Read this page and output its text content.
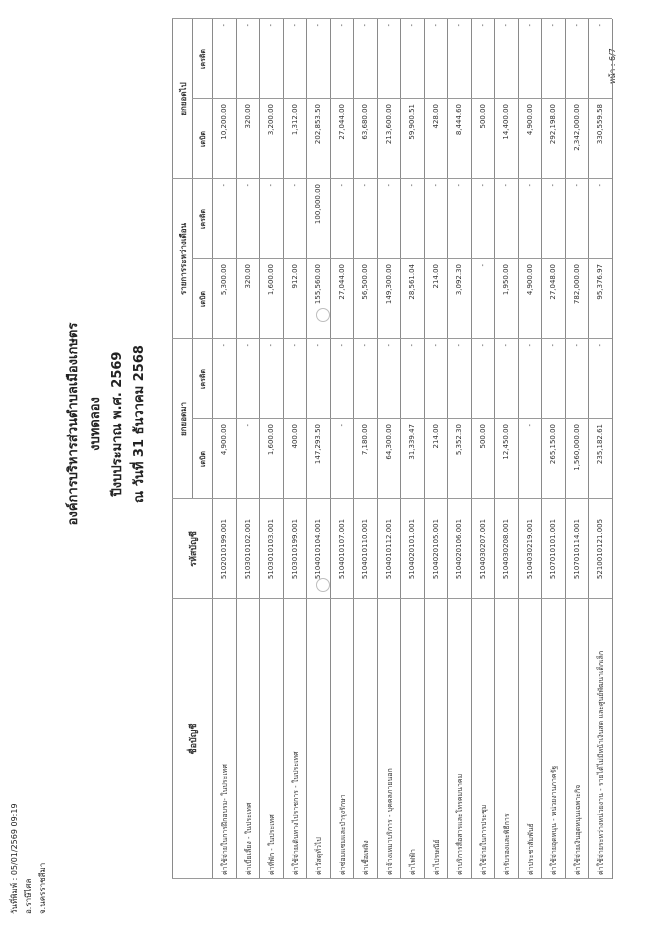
วันที่พิมพ์ : 05/01/2569 09:19 อ.ราษีไศล จ.นครราชสีมา
หน้า : 6/7
องค์การบริหารส่วนตำบลเมืองเกษตร งบทดลอง ปีงบประมาณ พ.ศ. 2569 ณ วันที่ 31 ธันวาคม 2568
ชื่อบัญชี
รหัสบัญชี
ยกยอดมา
รายการระหว่างเดือน
ยกยอดไป
เดบิต
เครดิต
เดบิต
เครดิต
เดบิต
เครดิต
ค่าใช้จ่ายในการฝึกอบรม- ในประเทศ
5102010199.001
4,900.00
-
5,300.00
-
10,200.00
-
ค่าเบี้ยเลี้ยง - ในประเทศ
5103010102.001
-
-
320.00
-
320.00
-
ค่าที่พัก - ในประเทศ
5103010103.001
1,600.00
-
1,600.00
-
3,200.00
-
ค่าใช้จ่ายเดินทางไปราชการ - ในประเทศ
5103010199.001
400.00
-
912.00
-
1,312.00
-
ค่าวัสดุทั่วไป
5104010104.001
147,293.50
-
155,560.00
100,000.00
202,853.50
-
ค่าซ่อมแซมและบำรุงรักษา
5104010107.001
-
-
27,044.00
-
27,044.00
-
ค่าเชื้อเพลิง
5104010110.001
7,180.00
-
56,500.00
-
63,680.00
-
ค่าจ้างเหมาบริการ - บุคคลภายนอก
5104010112.001
64,300.00
-
149,300.00
-
213,600.00
-
ค่าไฟฟ้า
5104020101.001
31,339.47
-
28,561.04
-
59,900.51
-
ค่าไปรษณีย์
5104020105.001
214.00
-
214.00
-
428.00
-
ค่าบริการสื่อสารและโทรคมนาคม
5104020106.001
5,352.30
-
3,092.30
-
8,444.60
-
ค่าใช้จ่ายในการประชุม
5104030207.001
500.00
-
-
-
500.00
-
ค่ารับรองและพิธีการ
5104030208.001
12,450.00
-
1,950.00
-
14,400.00
-
ค่าประชาสัมพันธ์
5104030219.001
-
-
4,900.00
-
4,900.00
-
ค่าใช้จ่ายอุดหนุน - หน่วยงานภาครัฐ
5107010101.001
265,150.00
-
27,048.00
-
292,198.00
-
ค่าใช้จ่ายเงินอุดหนุนเฉพาะกิจ
5107010114.001
1,560,000.00
-
782,000.00
-
2,342,000.00
-
ค่าใช้จ่ายระหว่างหน่วยงาน - รายได้ไม่มีหน้าเงินสด และศูนย์พัฒนาเด็กเล็ก
5210010121.005
235,182.61
-
95,376.97
-
330,559.58
-
